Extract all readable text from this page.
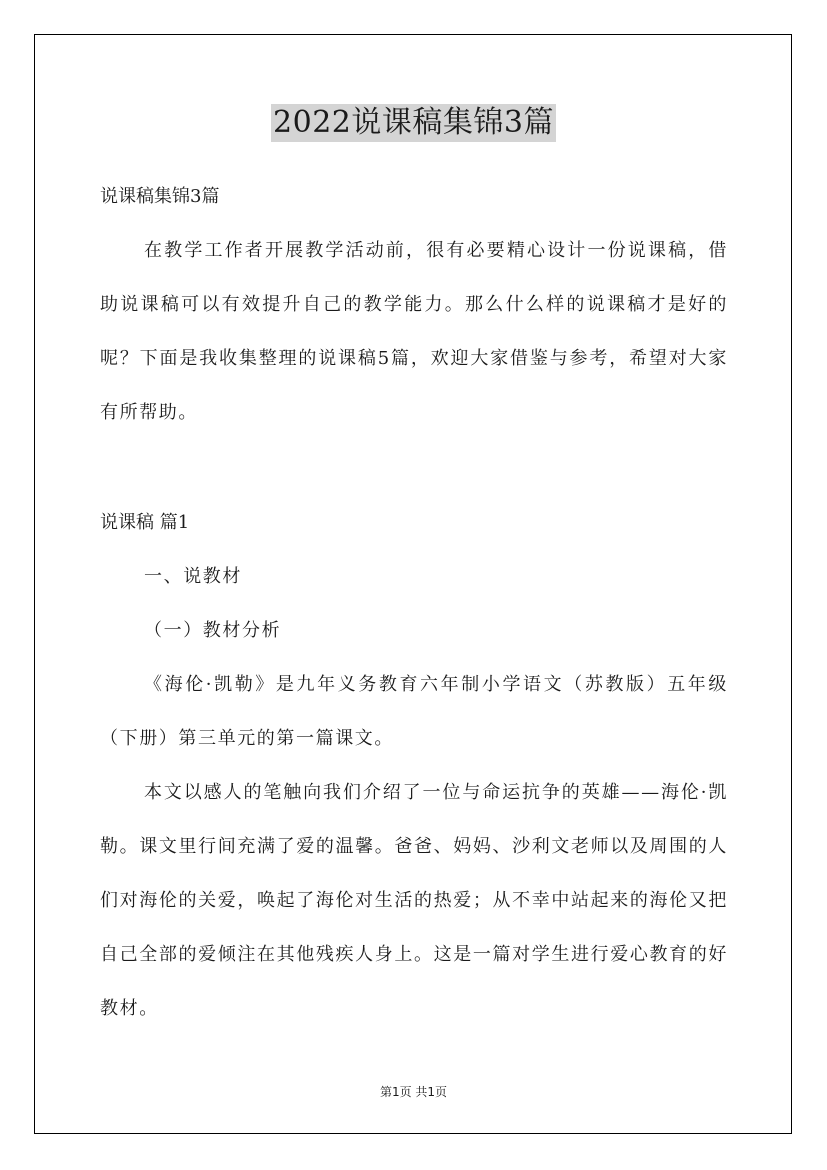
2022说课稿集锦3篇

说课稿集锦3篇

在教学工作者开展教学活动前，很有必要精心设计一份说课稿，借助说课稿可以有效提升自己的教学能力。那么什么样的说课稿才是好的呢？下面是我收集整理的说课稿5篇，欢迎大家借鉴与参考，希望对大家有所帮助。

说课稿 篇1

一、说教材

（一）教材分析

《海伦·凯勒》是九年义务教育六年制小学语文（苏教版）五年级（下册）第三单元的第一篇课文。

本文以感人的笔触向我们介绍了一位与命运抗争的英雄——海伦·凯勒。课文里行间充满了爱的温馨。爸爸、妈妈、沙利文老师以及周围的人们对海伦的关爱，唤起了海伦对生活的热爱；从不幸中站起来的海伦又把自己全部的爱倾注在其他残疾人身上。这是一篇对学生进行爱心教育的好教材。

第1页 共1页
